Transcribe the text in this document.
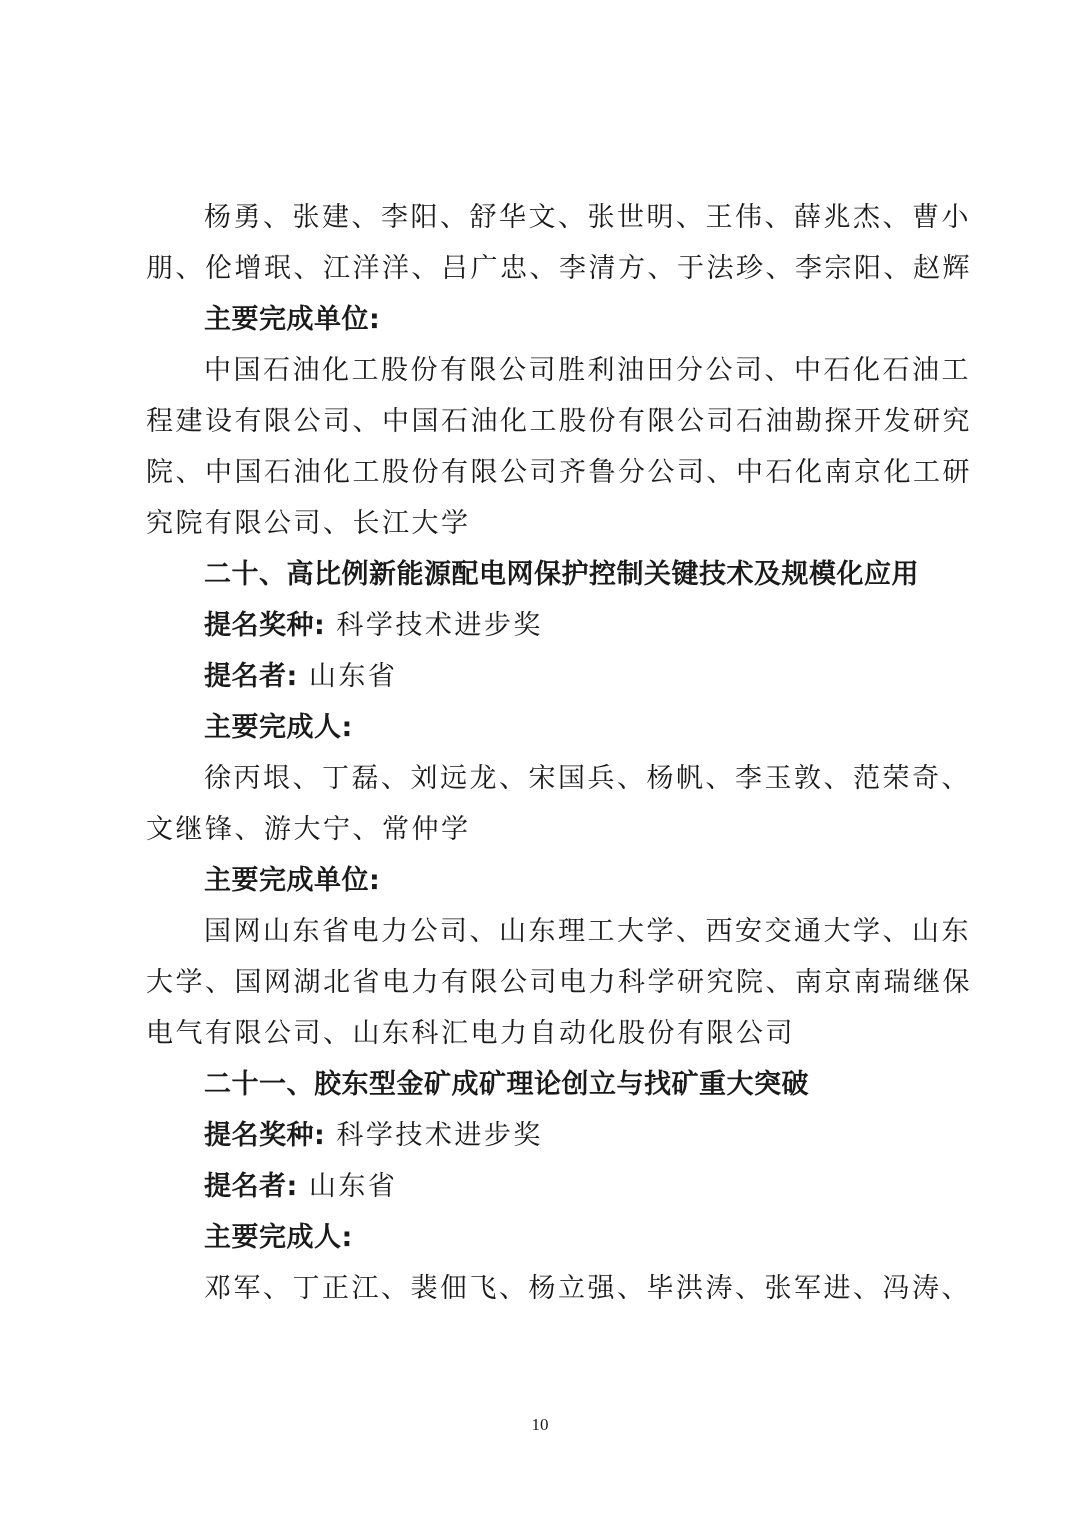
杨勇、张建、李阳、舒华文、张世明、王伟、薛兆杰、曹小
朋、伦增珉、江洋洋、吕广忠、李清方、于法珍、李宗阳、赵辉
主要完成单位:
中国石油化工股份有限公司胜利油田分公司、中石化石油工
程建设有限公司、中国石油化工股份有限公司石油勘探开发研究
院、中国石油化工股份有限公司齐鲁分公司、中石化南京化工研
究院有限公司、长江大学
二十、高比例新能源配电网保护控制关键技术及规模化应用
提名奖种: 科学技术进步奖
提名者: 山东省
主要完成人:
徐丙垠、丁磊、刘远龙、宋国兵、杨帆、李玉敦、范荣奇、
文继锋、游大宁、常仲学
主要完成单位:
国网山东省电力公司、山东理工大学、西安交通大学、山东
大学、国网湖北省电力有限公司电力科学研究院、南京南瑞继保
电气有限公司、山东科汇电力自动化股份有限公司
二十一、胶东型金矿成矿理论创立与找矿重大突破
提名奖种: 科学技术进步奖
提名者: 山东省
主要完成人:
邓军、丁正江、裴佃飞、杨立强、毕洪涛、张军进、冯涛、
10
